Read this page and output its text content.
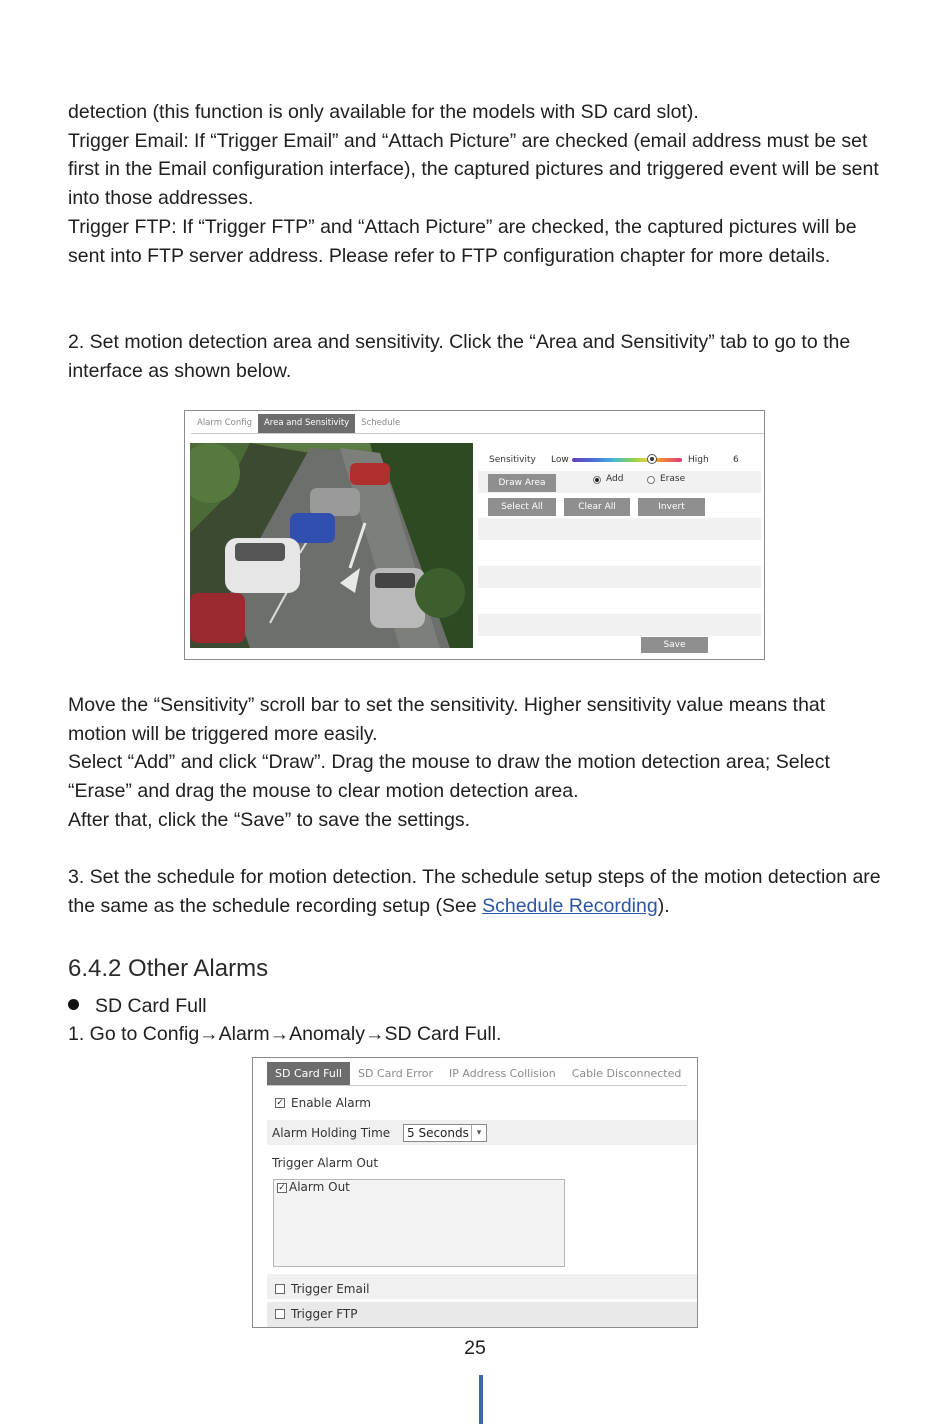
detection (this function is only available for the models with SD card slot).

Trigger Email: If “Trigger Email” and “Attach Picture” are checked (email address must be set first in the Email configuration interface), the captured pictures and triggered event will be sent into those addresses.

Trigger FTP: If “Trigger FTP” and “Attach Picture” are checked, the captured pictures will be sent into FTP server address. Please refer to FTP configuration chapter for more details.

2. Set motion detection area and sensitivity. Click the “Area and Sensitivity” tab to go to the interface as shown below.

Alarm Config	Area and Sensitivity	Schedule
Sensitivity Low	High	6
Draw Area	Add	Erase
Select All	Clear All	Invert
Save

Move the “Sensitivity” scroll bar to set the sensitivity. Higher sensitivity value means that motion will be triggered more easily.

Select “Add” and click “Draw”. Drag the mouse to draw the motion detection area; Select “Erase” and drag the mouse to clear motion detection area.

After that, click the “Save” to save the settings.

3. Set the schedule for motion detection. The schedule setup steps of the motion detection are the same as the schedule recording setup (See Schedule Recording).

6.4.2 Other Alarms
SD Card Full
1. Go to Config→Alarm→Anomaly→SD Card Full.
SD Card Full	SD Card Error	IP Address Collision	Cable Disconnected
✓ Enable Alarm
Alarm Holding Time	5 Seconds ▾
Trigger Alarm Out
✓ Alarm Out
Trigger Email
Trigger FTP
25
